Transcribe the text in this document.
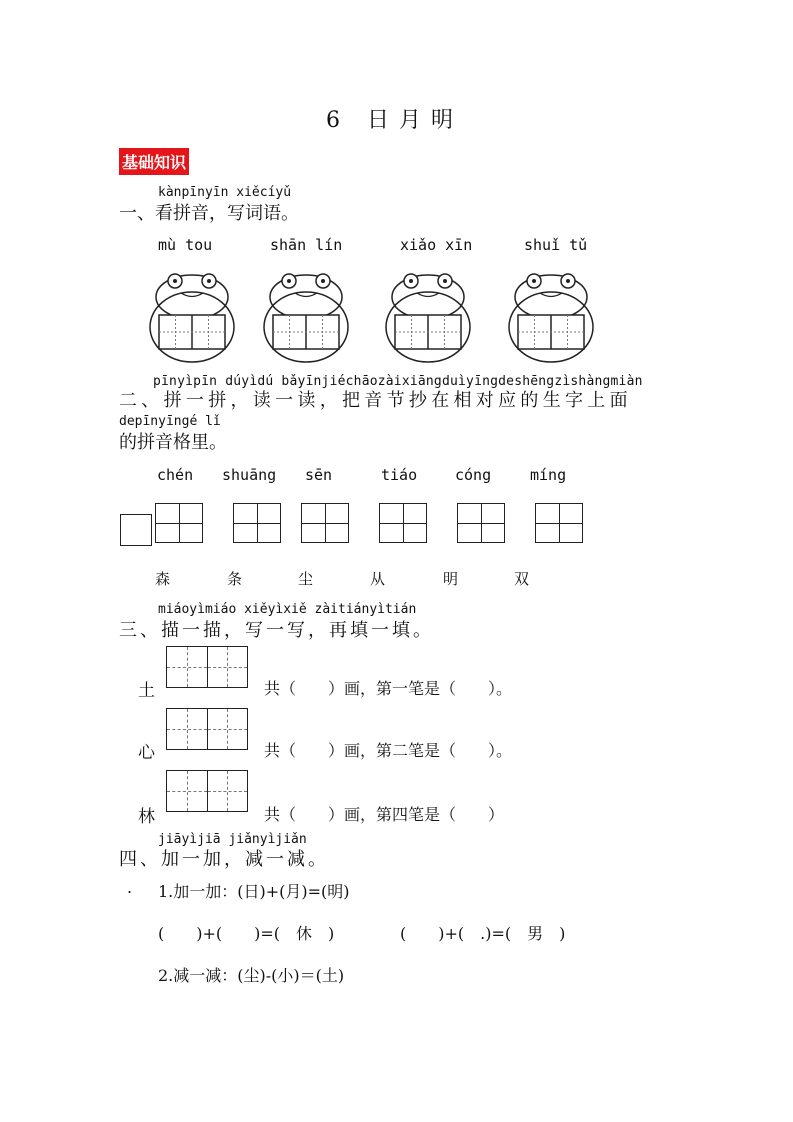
6 日月明
基础知识
kànpīnyīn xiěcíyǔ
一、看拼音，写词语。
mù tou	shān lín	xiǎo xīn	shuǐ tǔ
pīnyìpīn dúyìdú bǎyīnjiéchāozàixiāngduìyīngdeshēngzìshàngmiàn
二、拼一拼，读一读，把音节抄在相对应的生字上面
depīnyīngé lǐ
的拼音格里。
chén shuāng sēn	tiáo	cóng	míng
森	条	尘	从	明	双
miáoyìmiáo xiěyìxiě zàitiányìtián
三、描一描，写一写，再填一填。
土	共（　　）画，第一笔是（　　）。
心	共（　　）画，第二笔是（　　）。
林	共（　　）画，第四笔是（　　）
jiāyìjiā jiǎnyìjiǎn
四、加一加，减一减。
. 1.加一加：(日)+(月)=(明)
(　　)+(　　)=(　休　)	(　　)+(　.)=(　男　)
2.减一减：(尘)-(小)＝(土)
